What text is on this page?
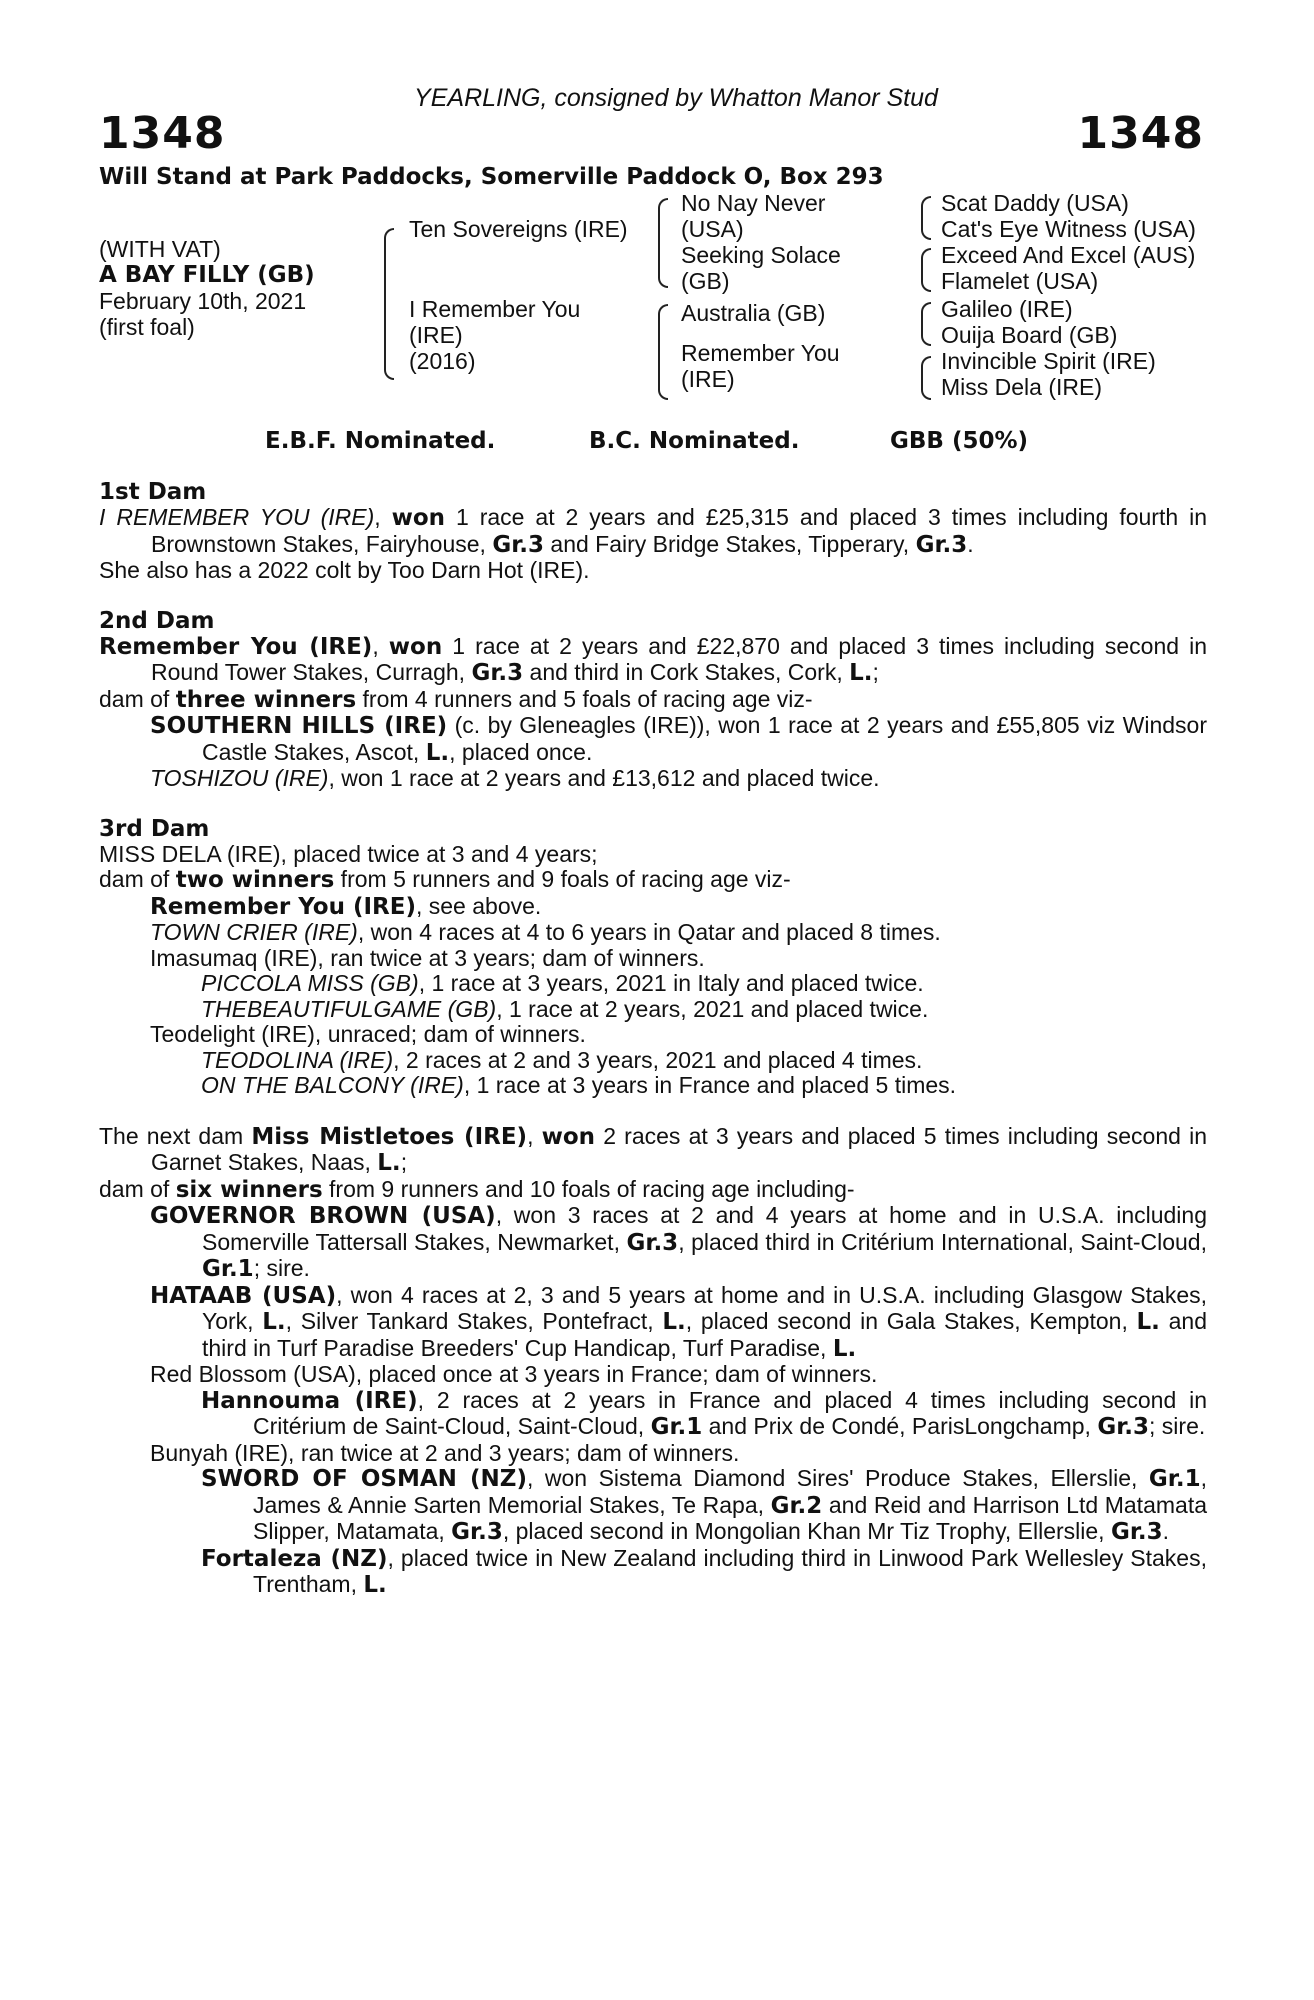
YEARLING, consigned by Whatton Manor Stud
1348	1348
Will Stand at Park Paddocks, Somerville Paddock O, Box 293
(WITH VAT)
A BAY FILLY (GB)
February 10th, 2021
(first foal)
Ten Sovereigns (IRE)
I Remember You
(IRE)
(2016)
No Nay Never
(USA)
Seeking Solace
(GB)
Australia (GB)
Remember You
(IRE)
Scat Daddy (USA)
Cat's Eye Witness (USA)
Exceed And Excel (AUS)
Flamelet (USA)
Galileo (IRE)
Ouija Board (GB)
Invincible Spirit (IRE)
Miss Dela (IRE)
E.B.F. Nominated.	B.C. Nominated.	GBB (50%)
1st Dam
I REMEMBER YOU (IRE), won 1 race at 2 years and £25,315 and placed 3 times including fourth in Brownstown Stakes, Fairyhouse, Gr.3 and Fairy Bridge Stakes, Tipperary, Gr.3.
She also has a 2022 colt by Too Darn Hot (IRE).
2nd Dam
Remember You (IRE), won 1 race at 2 years and £22,870 and placed 3 times including second in Round Tower Stakes, Curragh, Gr.3 and third in Cork Stakes, Cork, L.;
dam of three winners from 4 runners and 5 foals of racing age viz-
SOUTHERN HILLS (IRE) (c. by Gleneagles (IRE)), won 1 race at 2 years and £55,805 viz Windsor Castle Stakes, Ascot, L., placed once.
TOSHIZOU (IRE), won 1 race at 2 years and £13,612 and placed twice.
3rd Dam
MISS DELA (IRE), placed twice at 3 and 4 years;
dam of two winners from 5 runners and 9 foals of racing age viz-
Remember You (IRE), see above.
TOWN CRIER (IRE), won 4 races at 4 to 6 years in Qatar and placed 8 times.
Imasumaq (IRE), ran twice at 3 years; dam of winners.
PICCOLA MISS (GB), 1 race at 3 years, 2021 in Italy and placed twice.
THEBEAUTIFULGAME (GB), 1 race at 2 years, 2021 and placed twice.
Teodelight (IRE), unraced; dam of winners.
TEODOLINA (IRE), 2 races at 2 and 3 years, 2021 and placed 4 times.
ON THE BALCONY (IRE), 1 race at 3 years in France and placed 5 times.
The next dam Miss Mistletoes (IRE), won 2 races at 3 years and placed 5 times including second in Garnet Stakes, Naas, L.;
dam of six winners from 9 runners and 10 foals of racing age including-
GOVERNOR BROWN (USA), won 3 races at 2 and 4 years at home and in U.S.A. including Somerville Tattersall Stakes, Newmarket, Gr.3, placed third in Critérium International, Saint-Cloud, Gr.1; sire.
HATAAB (USA), won 4 races at 2, 3 and 5 years at home and in U.S.A. including Glasgow Stakes, York, L., Silver Tankard Stakes, Pontefract, L., placed second in Gala Stakes, Kempton, L. and third in Turf Paradise Breeders' Cup Handicap, Turf Paradise, L.
Red Blossom (USA), placed once at 3 years in France; dam of winners.
Hannouma (IRE), 2 races at 2 years in France and placed 4 times including second in Critérium de Saint-Cloud, Saint-Cloud, Gr.1 and Prix de Condé, ParisLongchamp, Gr.3; sire.
Bunyah (IRE), ran twice at 2 and 3 years; dam of winners.
SWORD OF OSMAN (NZ), won Sistema Diamond Sires' Produce Stakes, Ellerslie, Gr.1, James & Annie Sarten Memorial Stakes, Te Rapa, Gr.2 and Reid and Harrison Ltd Matamata Slipper, Matamata, Gr.3, placed second in Mongolian Khan Mr Tiz Trophy, Ellerslie, Gr.3.
Fortaleza (NZ), placed twice in New Zealand including third in Linwood Park Wellesley Stakes, Trentham, L.
